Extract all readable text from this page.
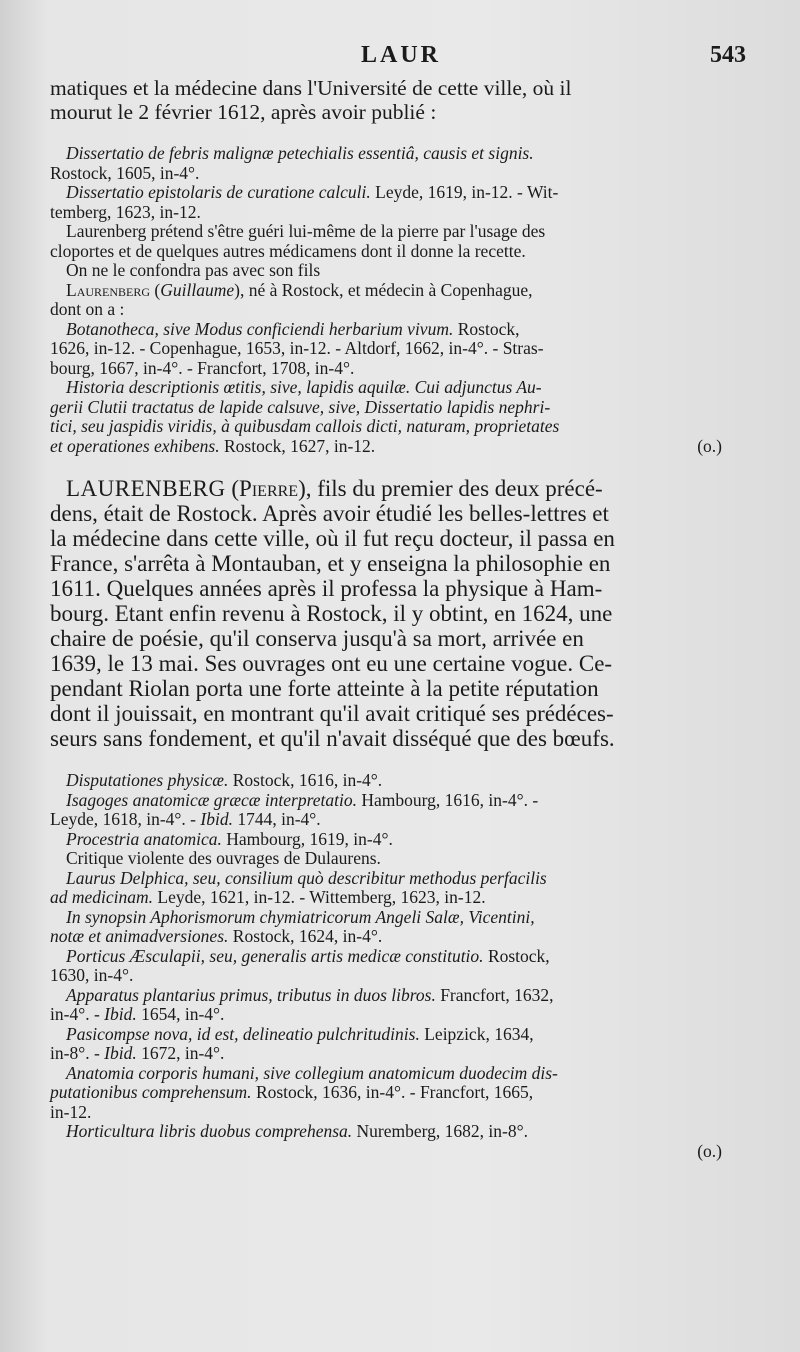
LAUR	543
matiques et la médecine dans l'Université de cette ville, où il
mourut le 2 février 1612, après avoir publié :
Dissertatio de febris malignæ petechialis essentiâ, causis et signis.
Rostock, 1605, in-4°.
Dissertatio epistolaris de curatione calculi. Leyde, 1619, in-12. - Wit-
temberg, 1623, in-12.
Laurenberg prétend s'être guéri lui-même de la pierre par l'usage des
cloportes et de quelques autres médicamens dont il donne la recette.
On ne le confondra pas avec son fils
Laurenberg (Guillaume), né à Rostock, et médecin à Copenhague,
dont on a :
Botanotheca, sive Modus conficiendi herbarium vivum. Rostock,
1626, in-12. - Copenhague, 1653, in-12. - Altdorf, 1662, in-4°. - Stras-
bourg, 1667, in-4°. - Francfort, 1708, in-4°.
Historia descriptionis œtitis, sive, lapidis aquilæ. Cui adjunctus Au-
gerii Clutii tractatus de lapide calsuve, sive, Dissertatio lapidis nephri-
tici, seu jaspidis viridis, à quibusdam callois dicti, naturam, proprietates
et operationes exhibens. Rostock, 1627, in-12.	(o.)
LAURENBERG (Pierre), fils du premier des deux précé-
dens, était de Rostock. Après avoir étudié les belles-lettres et
la médecine dans cette ville, où il fut reçu docteur, il passa en
France, s'arrêta à Montauban, et y enseigna la philosophie en
1611. Quelques années après il professa la physique à Ham-
bourg. Etant enfin revenu à Rostock, il y obtint, en 1624, une
chaire de poésie, qu'il conserva jusqu'à sa mort, arrivée en
1639, le 13 mai. Ses ouvrages ont eu une certaine vogue. Ce-
pendant Riolan porta une forte atteinte à la petite réputation
dont il jouissait, en montrant qu'il avait critiqué ses prédéces-
seurs sans fondement, et qu'il n'avait disséqué que des bœufs.
Disputationes physicæ. Rostock, 1616, in-4°.
Isagoges anatomicæ græcæ interpretatio. Hambourg, 1616, in-4°. -
Leyde, 1618, in-4°. - Ibid. 1744, in-4°.
Procestria anatomica. Hambourg, 1619, in-4°.
Critique violente des ouvrages de Dulaurens.
Laurus Delphica, seu, consilium quò describitur methodus perfacilis
ad medicinam. Leyde, 1621, in-12. - Wittemberg, 1623, in-12.
In synopsin Aphorismorum chymiatricorum Angeli Salæ, Vicentini,
notæ et animadversiones. Rostock, 1624, in-4°.
Porticus Æsculapii, seu, generalis artis medicæ constitutio. Rostock,
1630, in-4°.
Apparatus plantarius primus, tributus in duos libros. Francfort, 1632,
in-4°. - Ibid. 1654, in-4°.
Pasicompse nova, id est, delineatio pulchritudinis. Leipzick, 1634,
in-8°. - Ibid. 1672, in-4°.
Anatomia corporis humani, sive collegium anatomicum duodecim dis-
putationibus comprehensum. Rostock, 1636, in-4°. - Francfort, 1665,
in-12.
Horticultura libris duobus comprehensa. Nuremberg, 1682, in-8°.
(o.)
